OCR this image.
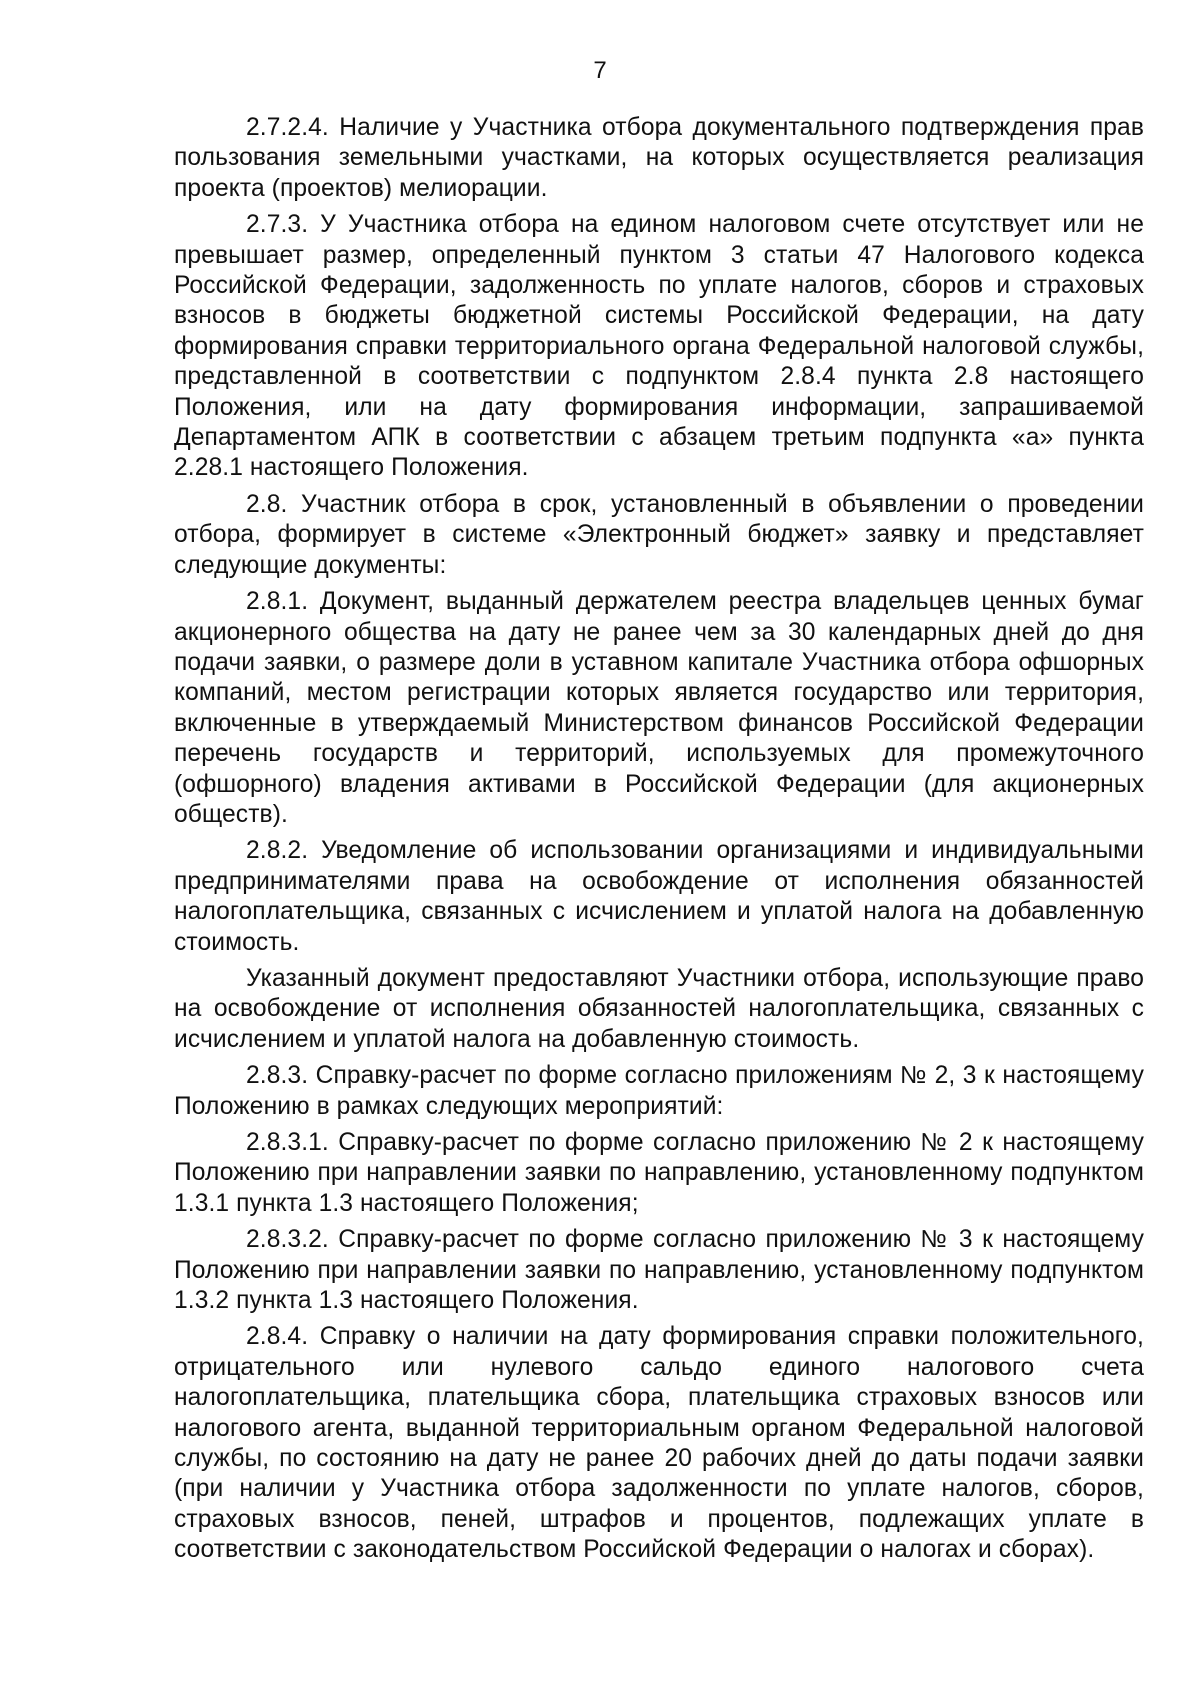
7

2.7.2.4. Наличие у Участника отбора документального подтверждения прав пользования земельными участками, на которых осуществляется реализация проекта (проектов) мелиорации.

2.7.3. У Участника отбора на едином налоговом счете отсутствует или не превышает размер, определенный пунктом 3 статьи 47 Налогового кодекса Российской Федерации, задолженность по уплате налогов, сборов и страховых взносов в бюджеты бюджетной системы Российской Федерации, на дату формирования справки территориального органа Федеральной налоговой службы, представленной в соответствии с подпунктом 2.8.4 пункта 2.8 настоящего Положения, или на дату формирования информации, запрашиваемой Департаментом АПК в соответствии с абзацем третьим подпункта «а» пункта 2.28.1 настоящего Положения.

2.8. Участник отбора в срок, установленный в объявлении о проведении отбора, формирует в системе «Электронный бюджет» заявку и представляет следующие документы:

2.8.1. Документ, выданный держателем реестра владельцев ценных бумаг акционерного общества на дату не ранее чем за 30 календарных дней до дня подачи заявки, о размере доли в уставном капитале Участника отбора офшорных компаний, местом регистрации которых является государство или территория, включенные в утверждаемый Министерством финансов Российской Федерации перечень государств и территорий, используемых для промежуточного (офшорного) владения активами в Российской Федерации (для акционерных обществ).

2.8.2. Уведомление об использовании организациями и индивидуальными предпринимателями права на освобождение от исполнения обязанностей налогоплательщика, связанных с исчислением и уплатой налога на добавленную стоимость.

Указанный документ предоставляют Участники отбора, использующие право на освобождение от исполнения обязанностей налогоплательщика, связанных с исчислением и уплатой налога на добавленную стоимость.

2.8.3. Справку-расчет по форме согласно приложениям № 2, 3 к настоящему Положению в рамках следующих мероприятий:

2.8.3.1. Справку-расчет по форме согласно приложению № 2 к настоящему Положению при направлении заявки по направлению, установленному подпунктом 1.3.1 пункта 1.3 настоящего Положения;

2.8.3.2. Справку-расчет по форме согласно приложению № 3 к настоящему Положению при направлении заявки по направлению, установленному подпунктом 1.3.2 пункта 1.3 настоящего Положения.

2.8.4. Справку о наличии на дату формирования справки положительного, отрицательного или нулевого сальдо единого налогового счета налогоплательщика, плательщика сбора, плательщика страховых взносов или налогового агента, выданной территориальным органом Федеральной налоговой службы, по состоянию на дату не ранее 20 рабочих дней до даты подачи заявки (при наличии у Участника отбора задолженности по уплате налогов, сборов, страховых взносов, пеней, штрафов и процентов, подлежащих уплате в соответствии с законодательством Российской Федерации о налогах и сборах).
